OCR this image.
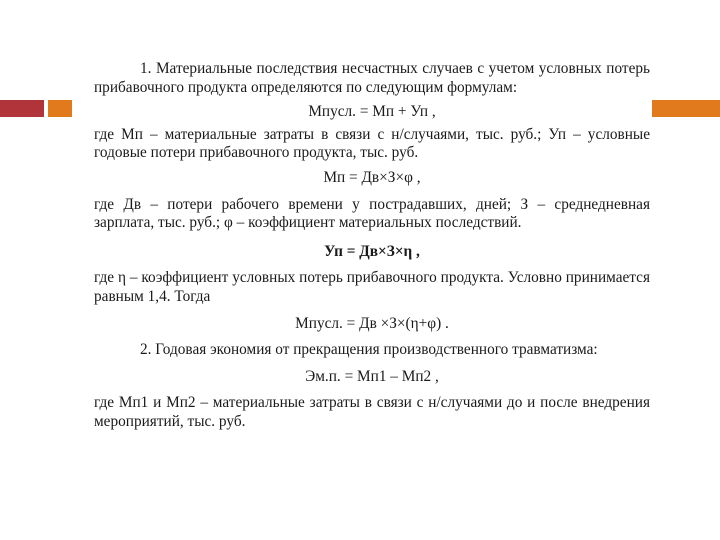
1. Материальные последствия несчастных случаев с учетом условных потерь прибавочного продукта определяются по следующим формулам:

Мпусл. = Мп + Уп ,

где Мп – материальные затраты в связи с н/случаями, тыс. руб.; Уп – условные годовые потери прибавочного продукта, тыс. руб.

Мп = Дв×З×φ ,

где Дв – потери рабочего времени у пострадавших, дней; З – среднедневная зарплата, тыс. руб.; φ – коэффициент материальных последствий.

Уп = Дв×З×η ,

где η – коэффициент условных потерь прибавочного продукта. Условно принимается равным 1,4. Тогда

Мпусл. = Дв ×З×(η+φ) .

2. Годовая экономия от прекращения производственного травматизма:

Эм.п. = Мп1 – Мп2 ,

где Мп1 и Мп2 – материальные затраты в связи с н/случаями до и после внедрения мероприятий, тыс. руб.
